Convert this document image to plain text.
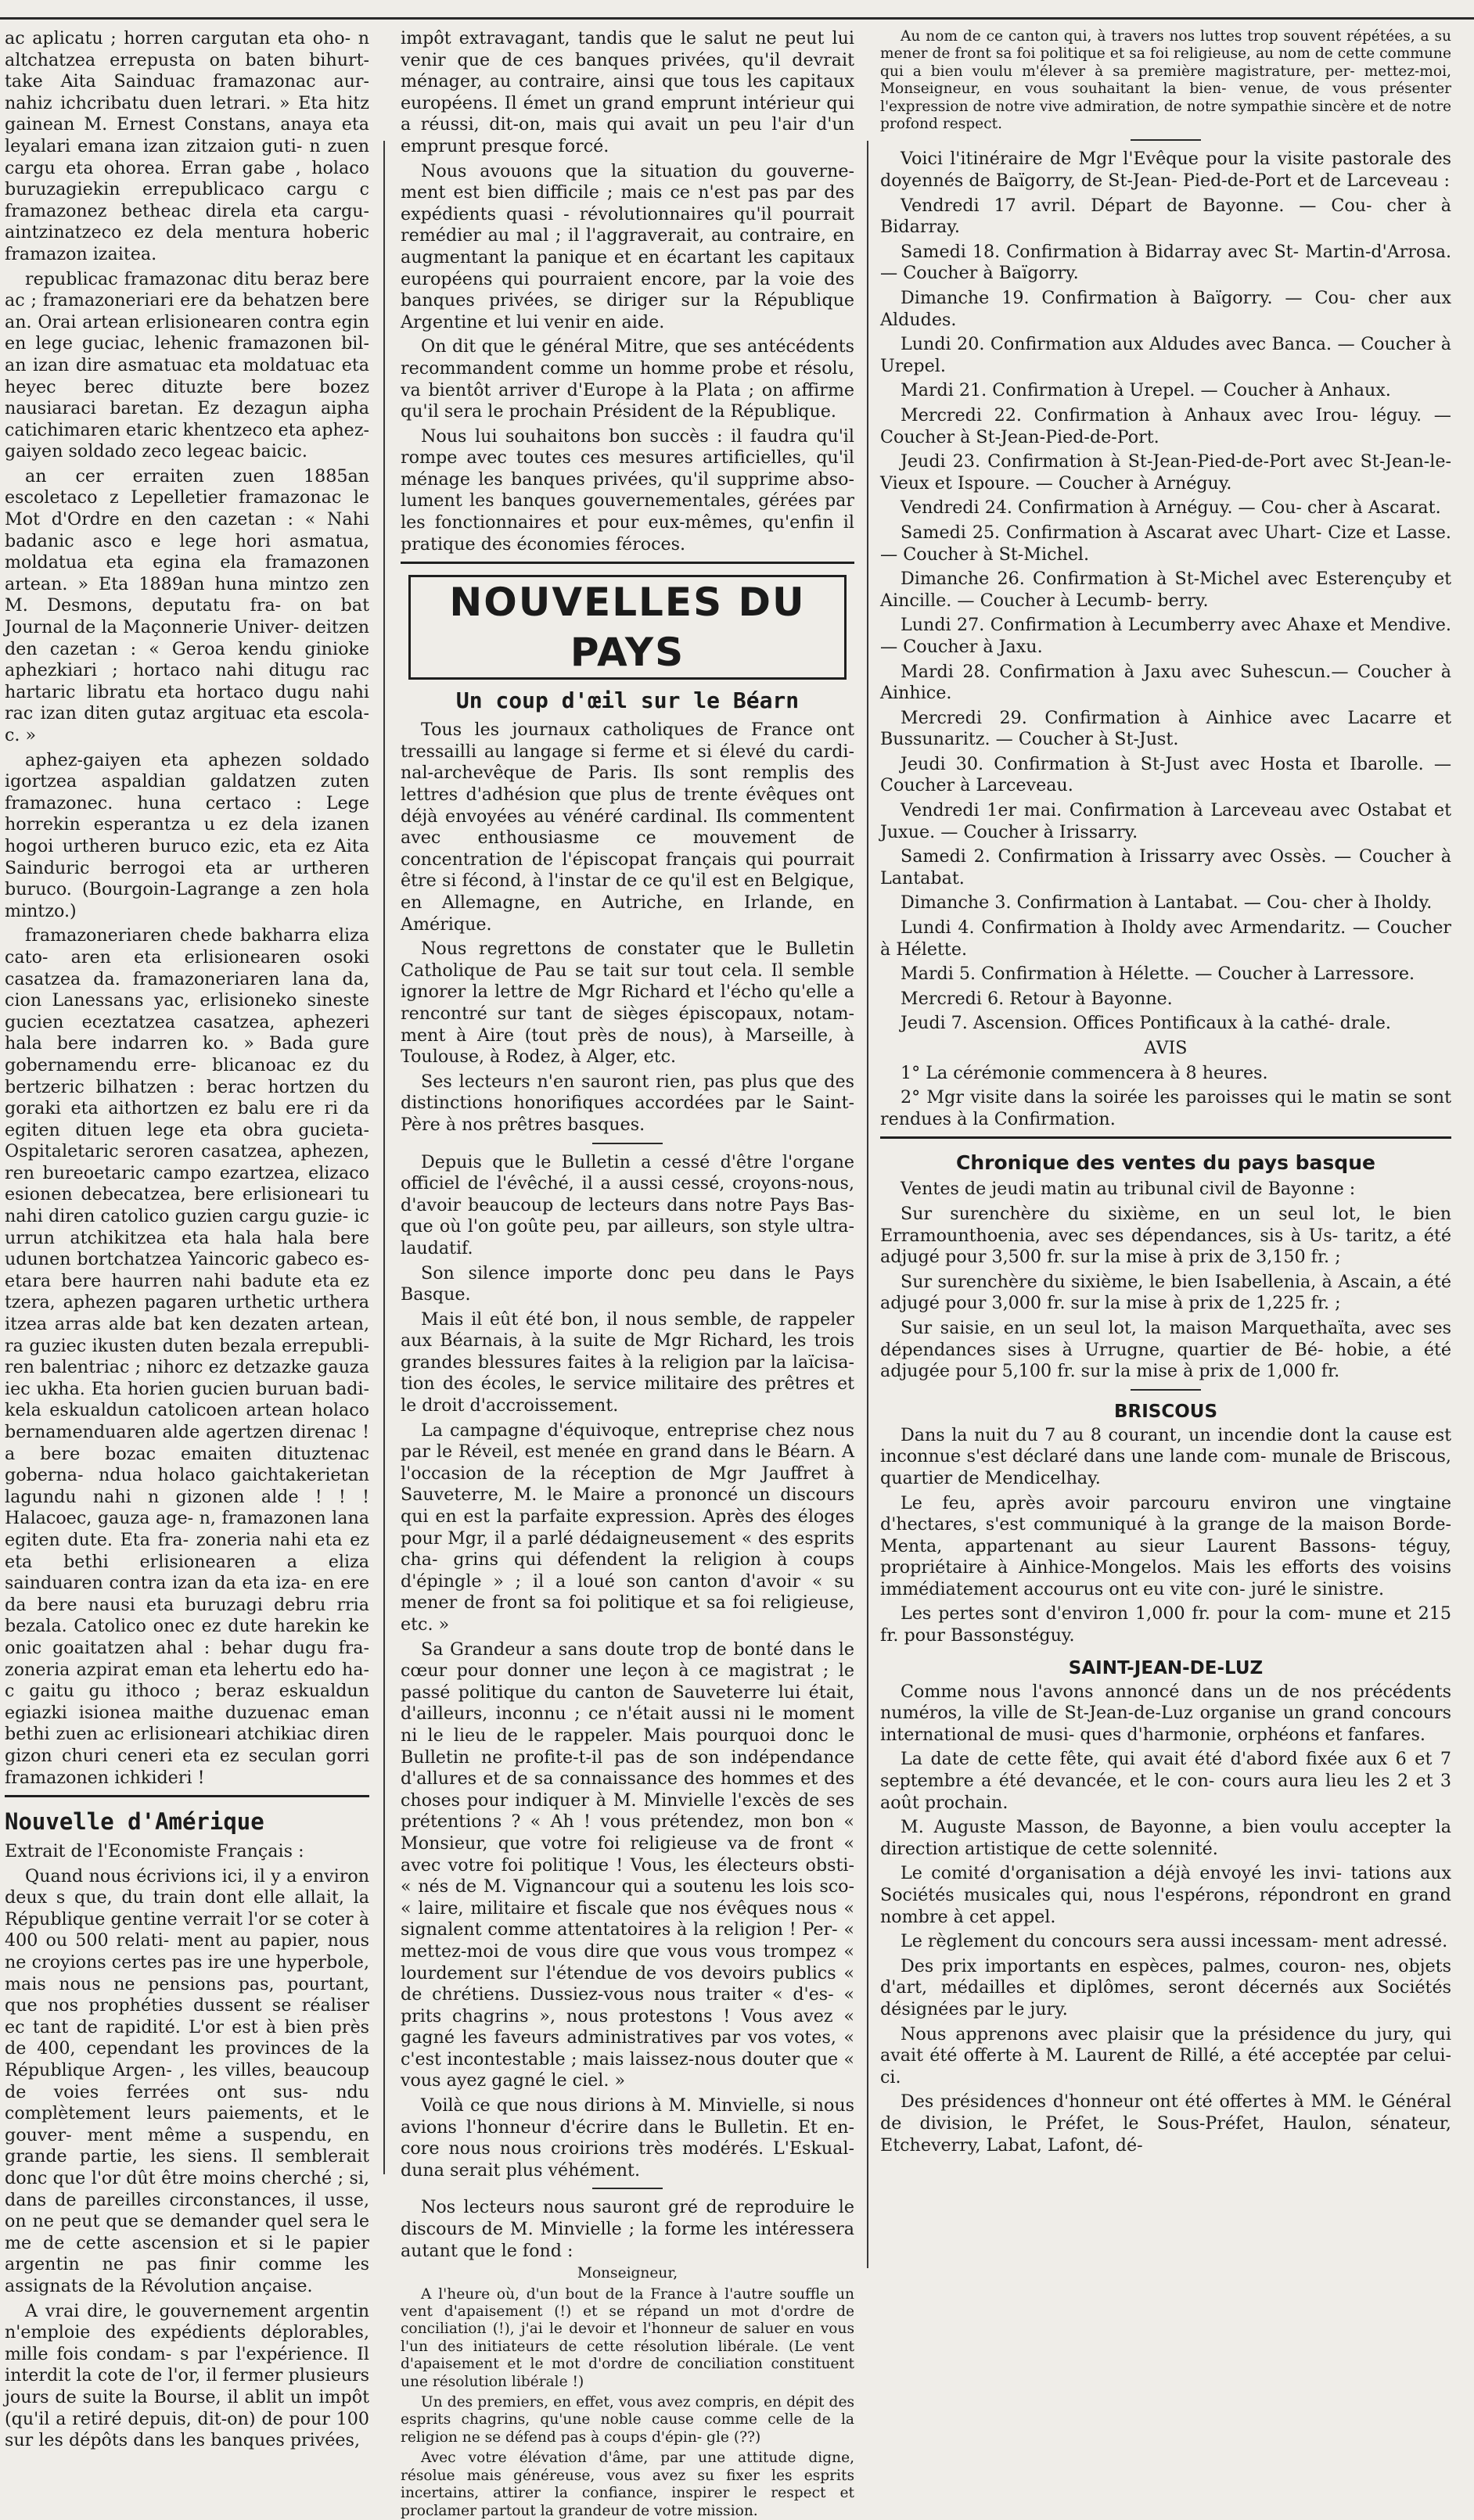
ac aplicatu ; horren cargutan eta oho- n altchatzea errepusta on baten bihurt- take Aita Sainduac framazonac aur- nahiz ichcribatu duen letrari. » Eta hitz gainean M. Ernest Constans, anaya eta leyalari emana izan zitzaion guti- n zuen cargu eta ohorea. Erran gabe , holaco buruzagiekin errepublicaco cargu c framazonez betheac direla eta cargu- aintzinatzeco ez dela mentura hoberic framazon izaitea.

republicac framazonac ditu beraz bere ac ; framazoneriari ere da behatzen bere an. Orai artean erlisionearen contra egin en lege guciac, lehenic framazonen bil- an izan dire asmatuac eta moldatuac eta heyec berec dituzte bere bozez nausiaraci baretan. Ez dezagun aipha catichimaren etaric khentzeco eta aphez-gaiyen soldado zeco legeac baicic.

an cer erraiten zuen 1885an escoletaco z Lepelletier framazonac le Mot d'Ordre en den cazetan : « Nahi badanic asco e lege hori asmatua, moldatua eta egina ela framazonen artean. » Eta 1889an huna mintzo zen M. Desmons, deputatu fra- on bat Journal de la Maçonnerie Univer- deitzen den cazetan : « Geroa kendu ginioke aphezkiari ; hortaco nahi ditugu rac hartaric libratu eta hortaco dugu nahi rac izan diten gutaz argituac eta escola- c. »

aphez-gaiyen eta aphezen soldado igortzea aspaldian galdatzen zuten framazonec. huna certaco : Lege horrekin esperantza u ez dela izanen hogoi urtheren buruco ezic, eta ez Aita Sainduric berrogoi eta ar urtheren buruco. (Bourgoin-Lagrange a zen hola mintzo.)

framazoneriaren chede bakharra eliza cato- aren eta erlisionearen osoki casatzea da. framazoneriaren lana da, cion Lanessans yac, erlisioneko sineste gucien eceztatzea casatzea, aphezeri hala bere indarren ko. » Bada gure gobernamendu erre- blicanoac ez du bertzeric bilhatzen : berac hortzen du goraki eta aithortzen ez balu ere ri da egiten dituen lege eta obra gucieta- Ospitaletaric seroren casatzea, aphezen, ren bureoetaric campo ezartzea, elizaco esionen debecatzea, bere erlisioneari tu nahi diren catolico guzien cargu guzie- ic urrun atchikitzea eta hala hala bere udunen bortchatzea Yaincoric gabeco es- etara bere haurren nahi badute eta ez tzera, aphezen pagaren urthetic urthera itzea arras alde bat ken dezaten artean, ra guziec ikusten duten bezala errepubli- ren balentriac ; nihorc ez detzazke gauza iec ukha. Eta horien gucien buruan badi- kela eskualdun catolicoen artean holaco bernamenduaren alde agertzen direnac ! a bere bozac emaiten dituztenac goberna- ndua holaco gaichtakerietan lagundu nahi n gizonen alde ! ! ! Halacoec, gauza age- n, framazonen lana egiten dute. Eta fra- zoneria nahi eta ez eta bethi erlisionearen a eliza sainduaren contra izan da eta iza- en ere da bere nausi eta buruzagi debru rria bezala. Catolico onec ez dute harekin ke onic goaitatzen ahal : behar dugu fra- zoneria azpirat eman eta lehertu edo ha- c gaitu gu ithoco ; beraz eskualdun egiazki isionea maithe duzuenac eman bethi zuen ac erlisioneari atchikiac diren gizon churi ceneri eta ez seculan gorri framazonen ichkideri !

Nouvelle d'Amérique

Extrait de l'Economiste Français :

Quand nous écrivions ici, il y a environ deux s que, du train dont elle allait, la République gentine verrait l'or se coter à 400 ou 500 relati- ment au papier, nous ne croyions certes pas ire une hyperbole, mais nous ne pensions pas, pourtant, que nos prophéties dussent se réaliser ec tant de rapidité. L'or est à bien près de 400, cependant les provinces de la République Argen- , les villes, beaucoup de voies ferrées ont sus- ndu complètement leurs paiements, et le gouver- ment même a suspendu, en grande partie, les siens. Il semblerait donc que l'or dût être moins cherché ; si, dans de pareilles circonstances, il usse, on ne peut que se demander quel sera le me de cette ascension et si le papier argentin ne pas finir comme les assignats de la Révolution ançaise.

A vrai dire, le gouvernement argentin n'emploie des expédients déplorables, mille fois condam- s par l'expérience. Il interdit la cote de l'or, il fermer plusieurs jours de suite la Bourse, il ablit un impôt (qu'il a retiré depuis, dit-on) de pour 100 sur les dépôts dans les banques privées,

impôt extravagant, tandis que le salut ne peut lui venir que de ces banques privées, qu'il devrait ménager, au contraire, ainsi que tous les capitaux européens. Il émet un grand emprunt intérieur qui a réussi, dit-on, mais qui avait un peu l'air d'un emprunt presque forcé.

Nous avouons que la situation du gouverne- ment est bien difficile ; mais ce n'est pas par des expédients quasi - révolutionnaires qu'il pourrait remédier au mal ; il l'aggraverait, au contraire, en augmentant la panique et en écartant les capitaux européens qui pourraient encore, par la voie des banques privées, se diriger sur la République Argentine et lui venir en aide.

On dit que le général Mitre, que ses antécédents recommandent comme un homme probe et résolu, va bientôt arriver d'Europe à la Plata ; on affirme qu'il sera le prochain Président de la République.

Nous lui souhaitons bon succès : il faudra qu'il rompe avec toutes ces mesures artificielles, qu'il ménage les banques privées, qu'il supprime abso- lument les banques gouvernementales, gérées par les fonctionnaires et pour eux-mêmes, qu'enfin il pratique des économies féroces.

NOUVELLES DU PAYS
Un coup d'œil sur le Béarn

Tous les journaux catholiques de France ont tressailli au langage si ferme et si élevé du cardi- nal-archevêque de Paris. Ils sont remplis des lettres d'adhésion que plus de trente évêques ont déjà envoyées au vénéré cardinal. Ils commentent avec enthousiasme ce mouvement de concentration de l'épiscopat français qui pourrait être si fécond, à l'instar de ce qu'il est en Belgique, en Allemagne, en Autriche, en Irlande, en Amérique.

Nous regrettons de constater que le Bulletin Catholique de Pau se tait sur tout cela. Il semble ignorer la lettre de Mgr Richard et l'écho qu'elle a rencontré sur tant de sièges épiscopaux, notam- ment à Aire (tout près de nous), à Marseille, à Toulouse, à Rodez, à Alger, etc.

Ses lecteurs n'en sauront rien, pas plus que des distinctions honorifiques accordées par le Saint- Père à nos prêtres basques.

Depuis que le Bulletin a cessé d'être l'organe officiel de l'évêché, il a aussi cessé, croyons-nous, d'avoir beaucoup de lecteurs dans notre Pays Bas- que où l'on goûte peu, par ailleurs, son style ultra- laudatif.

Son silence importe donc peu dans le Pays Basque.

Mais il eût été bon, il nous semble, de rappeler aux Béarnais, à la suite de Mgr Richard, les trois grandes blessures faites à la religion par la laïcisa- tion des écoles, le service militaire des prêtres et le droit d'accroissement.

La campagne d'équivoque, entreprise chez nous par le Réveil, est menée en grand dans le Béarn. A l'occasion de la réception de Mgr Jauffret à Sauveterre, M. le Maire a prononcé un discours qui en est la parfaite expression. Après des éloges pour Mgr, il a parlé dédaigneusement « des esprits cha- grins qui défendent la religion à coups d'épingle » ; il a loué son canton d'avoir « su mener de front sa foi politique et sa foi religieuse, etc. »

Sa Grandeur a sans doute trop de bonté dans le cœur pour donner une leçon à ce magistrat ; le passé politique du canton de Sauveterre lui était, d'ailleurs, inconnu ; ce n'était aussi ni le moment ni le lieu de le rappeler. Mais pourquoi donc le Bulletin ne profite-t-il pas de son indépendance d'allures et de sa connaissance des hommes et des choses pour indiquer à M. Minvielle l'excès de ses prétentions ? « Ah ! vous prétendez, mon bon « Monsieur, que votre foi religieuse va de front « avec votre foi politique ! Vous, les électeurs obsti- « nés de M. Vignancour qui a soutenu les lois sco- « laire, militaire et fiscale que nos évêques nous « signalent comme attentatoires à la religion ! Per- « mettez-moi de vous dire que vous vous trompez « lourdement sur l'étendue de vos devoirs publics « de chrétiens. Dussiez-vous nous traiter « d'es- « prits chagrins », nous protestons ! Vous avez « gagné les faveurs administratives par vos votes, « c'est incontestable ; mais laissez-nous douter que « vous ayez gagné le ciel. »

Voilà ce que nous dirions à M. Minvielle, si nous avions l'honneur d'écrire dans le Bulletin. Et en- core nous nous croirions très modérés. L'Eskual- duna serait plus véhément.

Nos lecteurs nous sauront gré de reproduire le discours de M. Minvielle ; la forme les intéressera autant que le fond :

Monseigneur,

A l'heure où, d'un bout de la France à l'autre souffle un vent d'apaisement (!) et se répand un mot d'ordre de conciliation (!), j'ai le devoir et l'honneur de saluer en vous l'un des initiateurs de cette résolution libérale. (Le vent d'apaisement et le mot d'ordre de conciliation constituent une résolution libérale !)

Un des premiers, en effet, vous avez compris, en dépit des esprits chagrins, qu'une noble cause comme celle de la religion ne se défend pas à coups d'épin- gle (??)

Avec votre élévation d'âme, par une attitude digne, résolue mais généreuse, vous avez su fixer les esprits incertains, attirer la confiance, inspirer le respect et proclamer partout la grandeur de votre mission.

Au nom de ce canton qui, à travers nos luttes trop souvent répétées, a su mener de front sa foi politique et sa foi religieuse, au nom de cette commune qui a bien voulu m'élever à sa première magistrature, per- mettez-moi, Monseigneur, en vous souhaitant la bien- venue, de vous présenter l'expression de notre vive admiration, de notre sympathie sincère et de notre profond respect.

Voici l'itinéraire de Mgr l'Evêque pour la visite pastorale des doyennés de Baïgorry, de St-Jean- Pied-de-Port et de Larceveau :

Vendredi 17 avril. Départ de Bayonne. — Cou- cher à Bidarray.

Samedi 18. Confirmation à Bidarray avec St- Martin-d'Arrosa. — Coucher à Baïgorry.

Dimanche 19. Confirmation à Baïgorry. — Cou- cher aux Aldudes.

Lundi 20. Confirmation aux Aldudes avec Banca. — Coucher à Urepel.

Mardi 21. Confirmation à Urepel. — Coucher à Anhaux.

Mercredi 22. Confirmation à Anhaux avec Irou- léguy. — Coucher à St-Jean-Pied-de-Port.

Jeudi 23. Confirmation à St-Jean-Pied-de-Port avec St-Jean-le-Vieux et Ispoure. — Coucher à Arnéguy.

Vendredi 24. Confirmation à Arnéguy. — Cou- cher à Ascarat.

Samedi 25. Confirmation à Ascarat avec Uhart- Cize et Lasse. — Coucher à St-Michel.

Dimanche 26. Confirmation à St-Michel avec Esterençuby et Aincille. — Coucher à Lecumb- berry.

Lundi 27. Confirmation à Lecumberry avec Ahaxe et Mendive. — Coucher à Jaxu.

Mardi 28. Confirmation à Jaxu avec Suhescun.— Coucher à Ainhice.

Mercredi 29. Confirmation à Ainhice avec Lacarre et Bussunaritz. — Coucher à St-Just.

Jeudi 30. Confirmation à St-Just avec Hosta et Ibarolle. — Coucher à Larceveau.

Vendredi 1er mai. Confirmation à Larceveau avec Ostabat et Juxue. — Coucher à Irissarry.

Samedi 2. Confirmation à Irissarry avec Ossès. — Coucher à Lantabat.

Dimanche 3. Confirmation à Lantabat. — Cou- cher à Iholdy.

Lundi 4. Confirmation à Iholdy avec Armendaritz. — Coucher à Hélette.

Mardi 5. Confirmation à Hélette. — Coucher à Larressore.

Mercredi 6. Retour à Bayonne.

Jeudi 7. Ascension. Offices Pontificaux à la cathé- drale.

AVIS

1° La cérémonie commencera à 8 heures.

2° Mgr visite dans la soirée les paroisses qui le matin se sont rendues à la Confirmation.

Chronique des ventes du pays basque

Ventes de jeudi matin au tribunal civil de Bayonne :

Sur surenchère du sixième, en un seul lot, le bien Erramounthoenia, avec ses dépendances, sis à Us- taritz, a été adjugé pour 3,500 fr. sur la mise à prix de 3,150 fr. ;

Sur surenchère du sixième, le bien Isabellenia, à Ascain, a été adjugé pour 3,000 fr. sur la mise à prix de 1,225 fr. ;

Sur saisie, en un seul lot, la maison Marquethaïta, avec ses dépendances sises à Urrugne, quartier de Bé- hobie, a été adjugée pour 5,100 fr. sur la mise à prix de 1,000 fr.

BRISCOUS

Dans la nuit du 7 au 8 courant, un incendie dont la cause est inconnue s'est déclaré dans une lande com- munale de Briscous, quartier de Mendicelhay.

Le feu, après avoir parcouru environ une vingtaine d'hectares, s'est communiqué à la grange de la maison Borde-Menta, appartenant au sieur Laurent Bassons- téguy, propriétaire à Ainhice-Mongelos. Mais les efforts des voisins immédiatement accourus ont eu vite con- juré le sinistre.

Les pertes sont d'environ 1,000 fr. pour la com- mune et 215 fr. pour Bassonstéguy.

SAINT-JEAN-DE-LUZ

Comme nous l'avons annoncé dans un de nos précédents numéros, la ville de St-Jean-de-Luz organise un grand concours international de musi- ques d'harmonie, orphéons et fanfares.

La date de cette fête, qui avait été d'abord fixée aux 6 et 7 septembre a été devancée, et le con- cours aura lieu les 2 et 3 août prochain.

M. Auguste Masson, de Bayonne, a bien voulu accepter la direction artistique de cette solennité.

Le comité d'organisation a déjà envoyé les invi- tations aux Sociétés musicales qui, nous l'espérons, répondront en grand nombre à cet appel.

Le règlement du concours sera aussi incessam- ment adressé.

Des prix importants en espèces, palmes, couron- nes, objets d'art, médailles et diplômes, seront décernés aux Sociétés désignées par le jury.

Nous apprenons avec plaisir que la présidence du jury, qui avait été offerte à M. Laurent de Rillé, a été acceptée par celui-ci.

Des présidences d'honneur ont été offertes à MM. le Général de division, le Préfet, le Sous-Préfet, Haulon, sénateur, Etcheverry, Labat, Lafont, dé-
